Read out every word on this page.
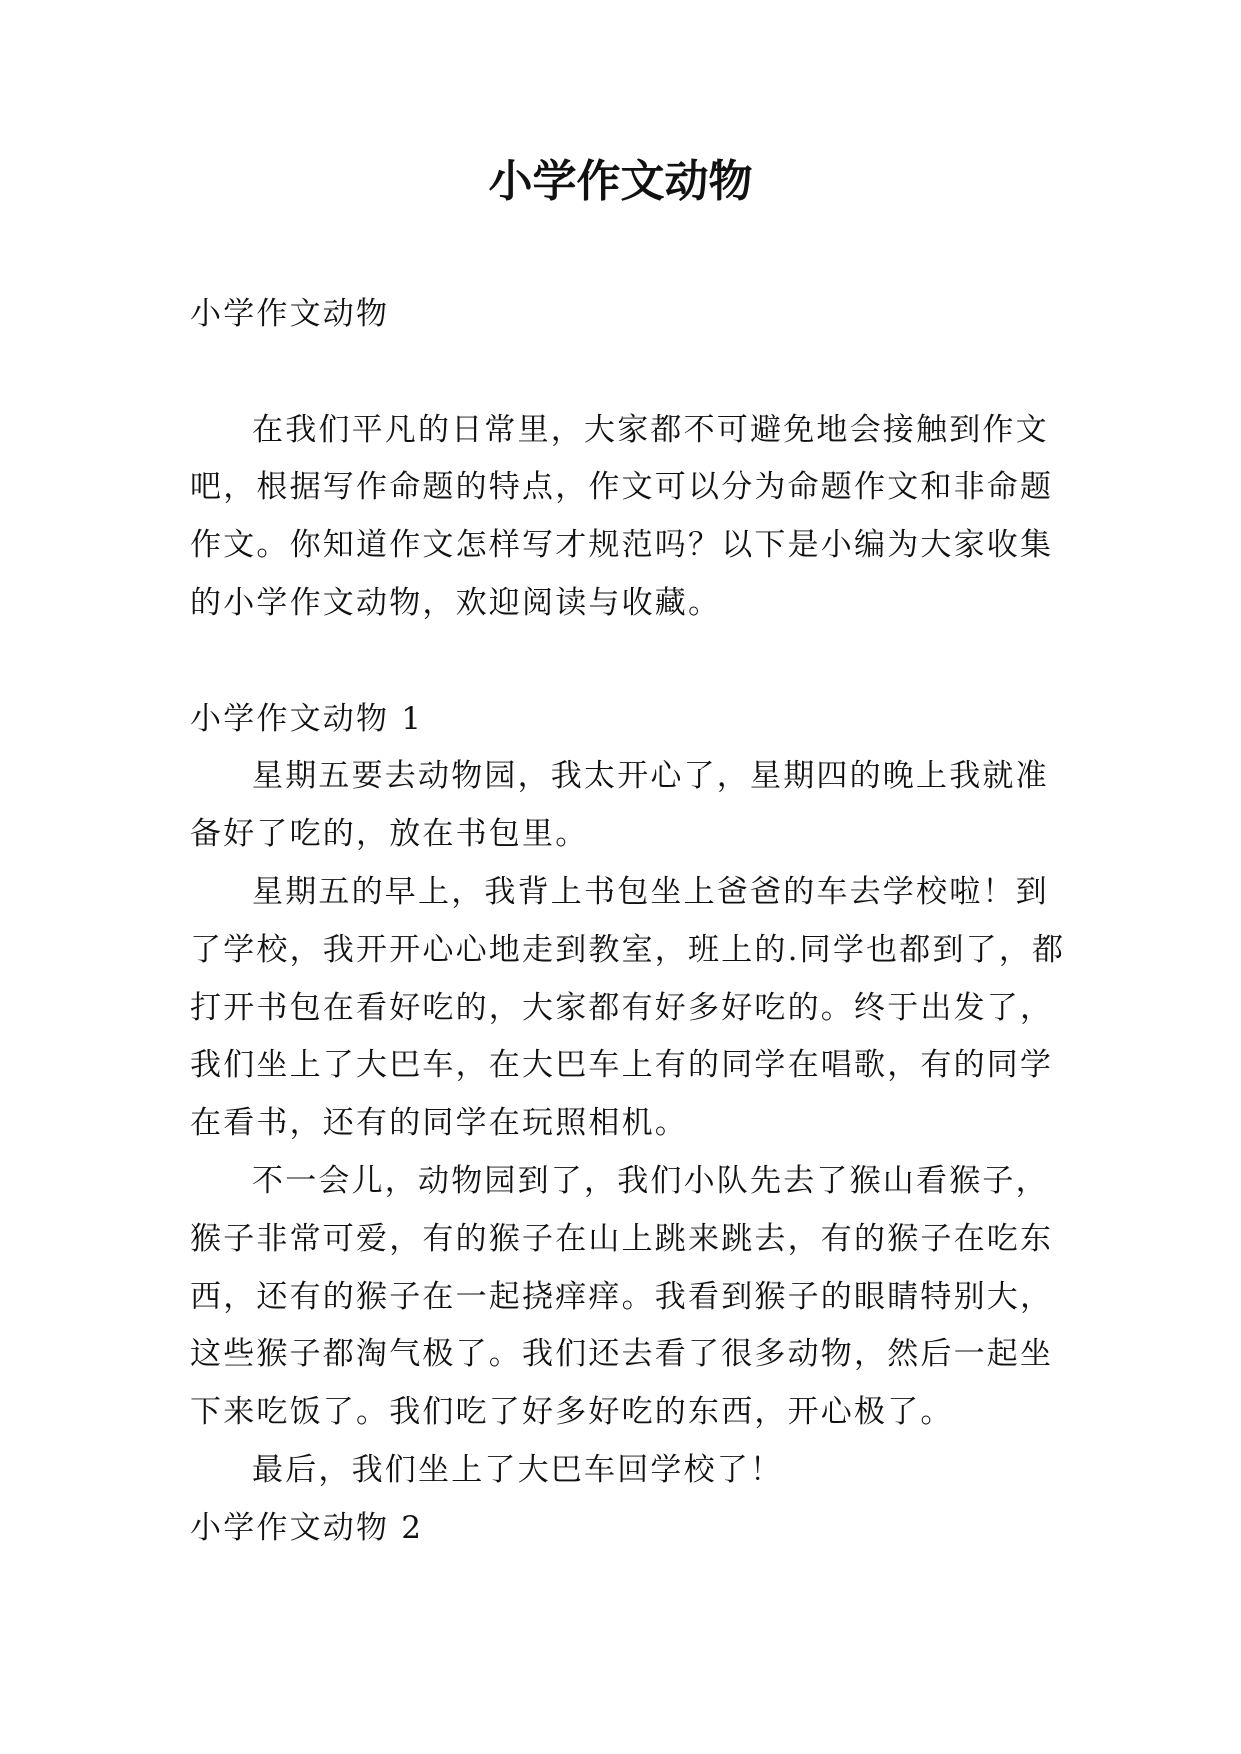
小学作文动物

小学作文动物

在我们平凡的日常里，大家都不可避免地会接触到作文吧，根据写作命题的特点，作文可以分为命题作文和非命题作文。你知道作文怎样写才规范吗？以下是小编为大家收集的小学作文动物，欢迎阅读与收藏。

小学作文动物 1

星期五要去动物园，我太开心了，星期四的晚上我就准备好了吃的，放在书包里。

星期五的早上，我背上书包坐上爸爸的车去学校啦！到了学校，我开开心心地走到教室，班上的.同学也都到了，都打开书包在看好吃的，大家都有好多好吃的。终于出发了，我们坐上了大巴车，在大巴车上有的同学在唱歌，有的同学在看书，还有的同学在玩照相机。

不一会儿，动物园到了，我们小队先去了猴山看猴子，猴子非常可爱，有的猴子在山上跳来跳去，有的猴子在吃东西，还有的猴子在一起挠痒痒。我看到猴子的眼睛特别大，这些猴子都淘气极了。我们还去看了很多动物，然后一起坐下来吃饭了。我们吃了好多好吃的东西，开心极了。

最后，我们坐上了大巴车回学校了！

小学作文动物 2
